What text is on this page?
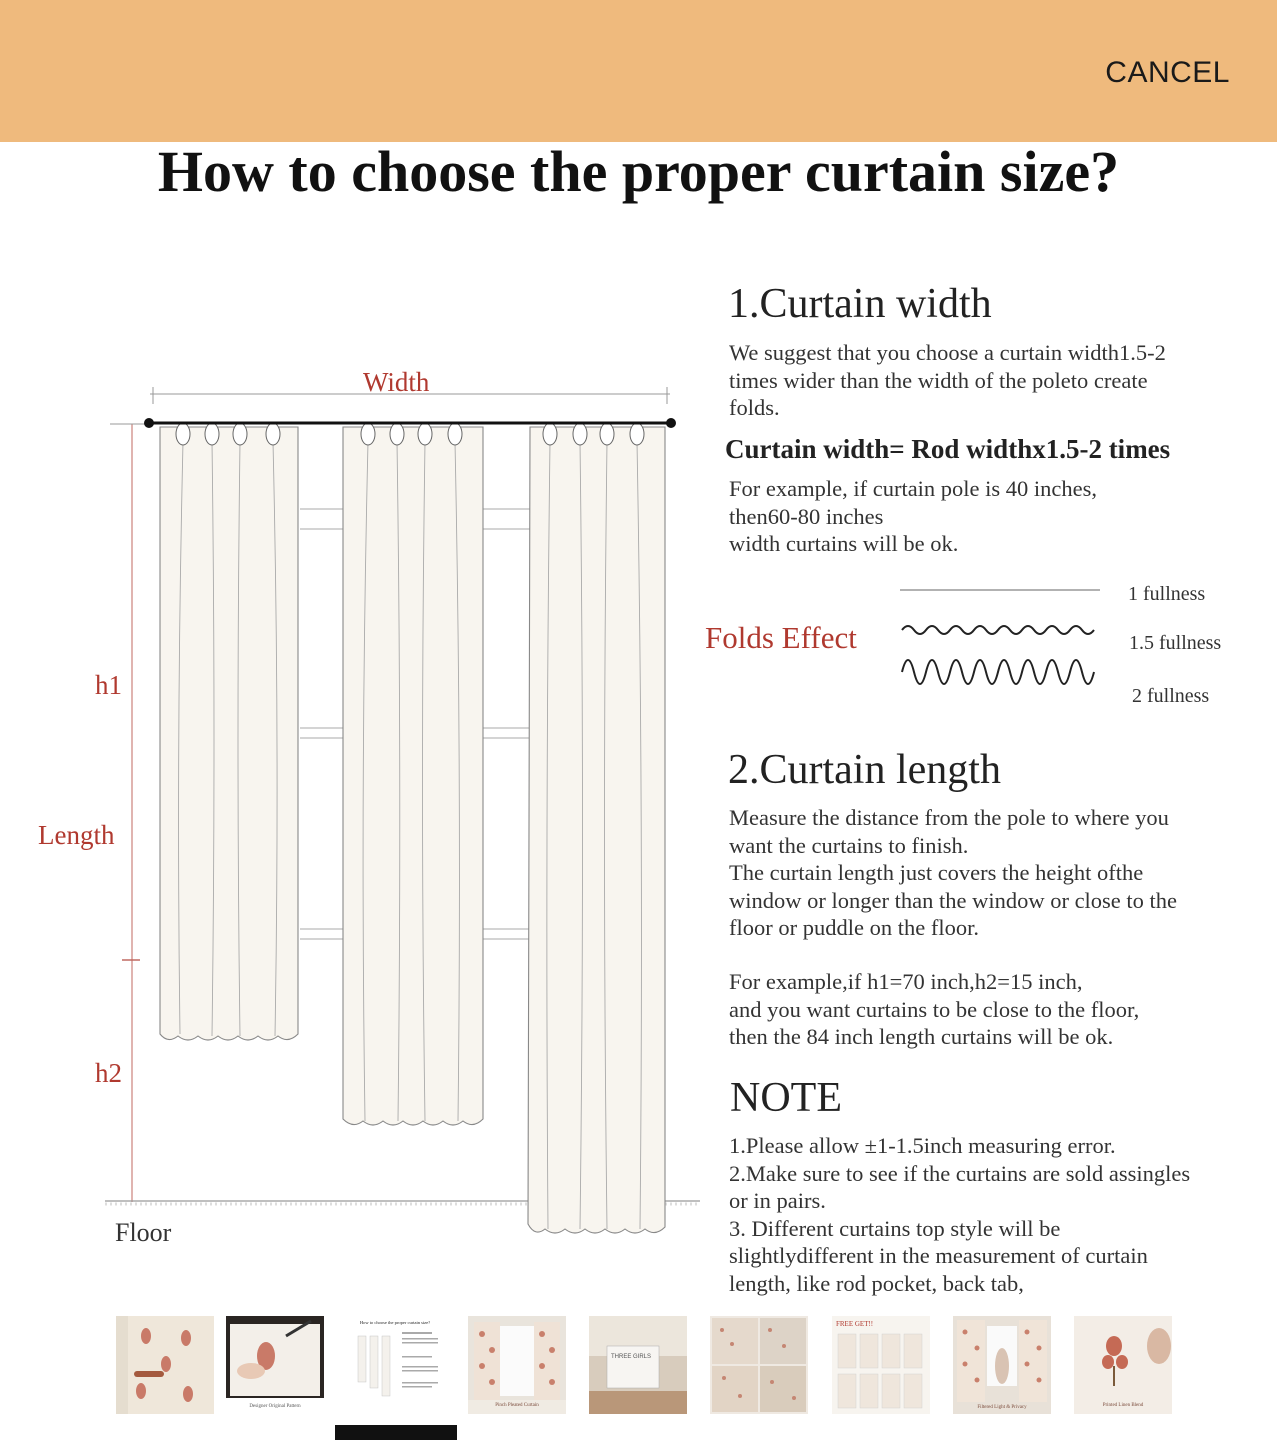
CANCEL
How to choose the proper curtain size?
Width
h1
Length
h2
Floor
1.Curtain width
We suggest that you choose a curtain width1.5-2
times wider than the width of the poleto create
folds.
Curtain width= Rod widthx1.5-2 times
For example, if curtain pole is 40 inches,
then60-80 inches
width curtains will be ok.
Folds Effect
1 fullness
1.5 fullness
2 fullness
2.Curtain length
Measure the distance from the pole to where you
want the curtains to finish.
The curtain length just covers the height ofthe
window or longer than the window or close to the
floor or puddle on the floor.
For example,if h1=70 inch,h2=15 inch,
and you want curtains to be close to the floor,
then the 84 inch length curtains will be ok.
NOTE
1.Please allow ±1-1.5inch measuring error.
2.Make sure to see if the curtains are sold assingles
or in pairs.
3. Different curtains top style will be
slightlydifferent in the measurement of curtain
length, like rod pocket, back tab,
Designer Original Pattern
How to choose the proper curtain size?
Pinch Pleated Curtain
THREE GIRLS
FREE GET!!
Filtered Light & Privacy	Printed Linen Blend
